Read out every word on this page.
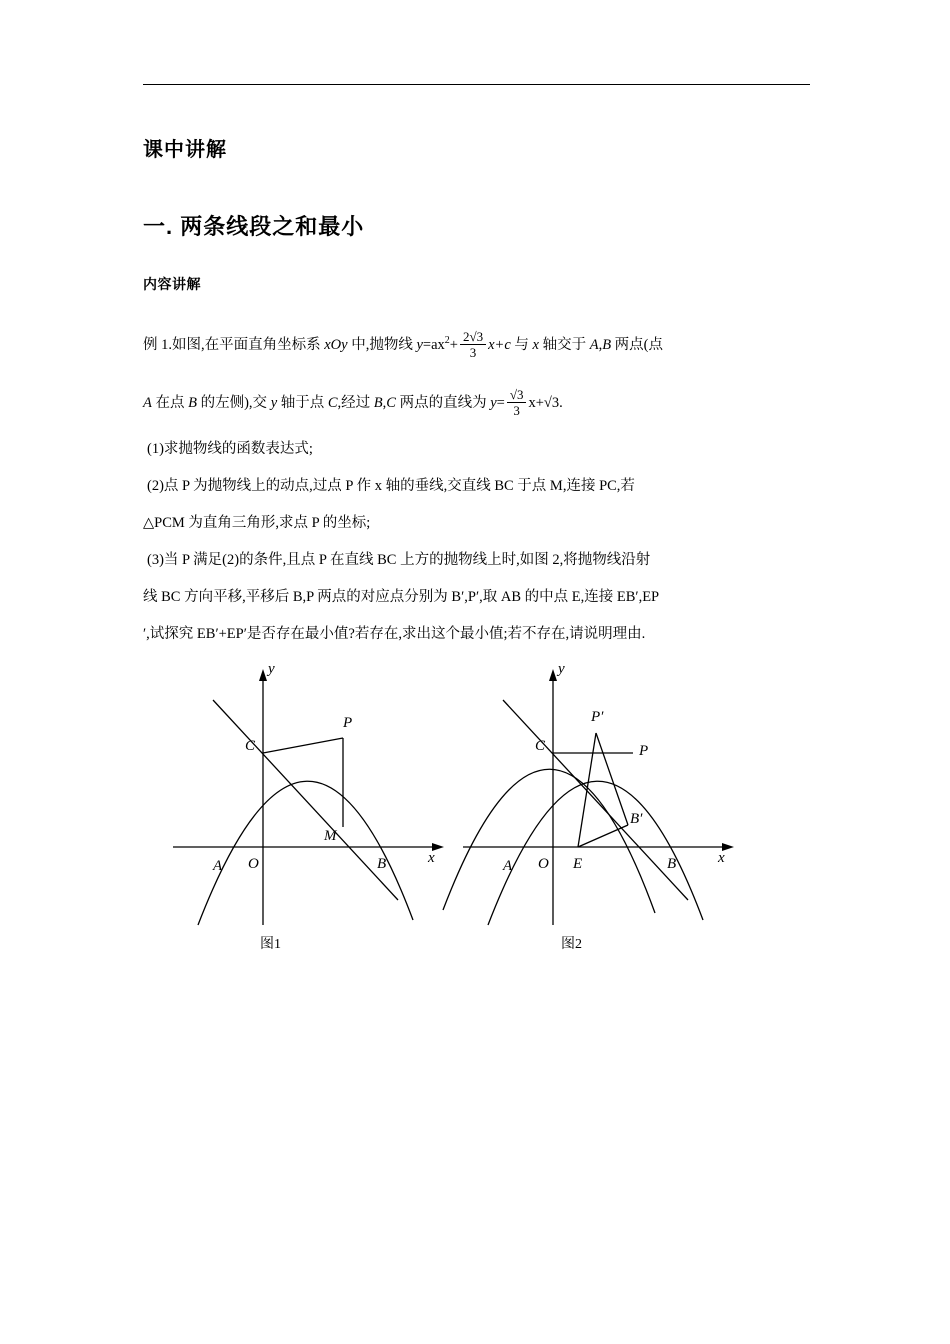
课中讲解
一. 两条线段之和最小
内容讲解
例 1.如图,在平面直角坐标系 xOy 中,抛物线 $y=ax^2+ \frac{2√3}{3} x+c$ 与 x 轴交于 A,B 两点(点
A 在点 B 的左侧),交 y 轴于点 C,经过 B,C 两点的直线为 $y= \frac{√3}{3} x+√3$.
(1)求抛物线的函数表达式;
(2)点 P 为抛物线上的动点,过点 P 作 x 轴的垂线,交直线 BC 于点 M,连接 PC,若
△PCM 为直角三角形,求点 P 的坐标;
(3)当 P 满足(2)的条件,且点 P 在直线 BC 上方的抛物线上时,如图 2,将抛物线沿射
线 BC 方向平移,平移后 B,P 两点的对应点分别为 B′,P′,取 AB 的中点 E,连接 EB′,EP
′,试探究 EB′+EP′是否存在最小值?若存在,求出这个最小值;若不存在,请说明理由.
y
x
O
A	B
C
P
M
y
x
O
A	B
E
C	P
P′
B′
图1	图2
